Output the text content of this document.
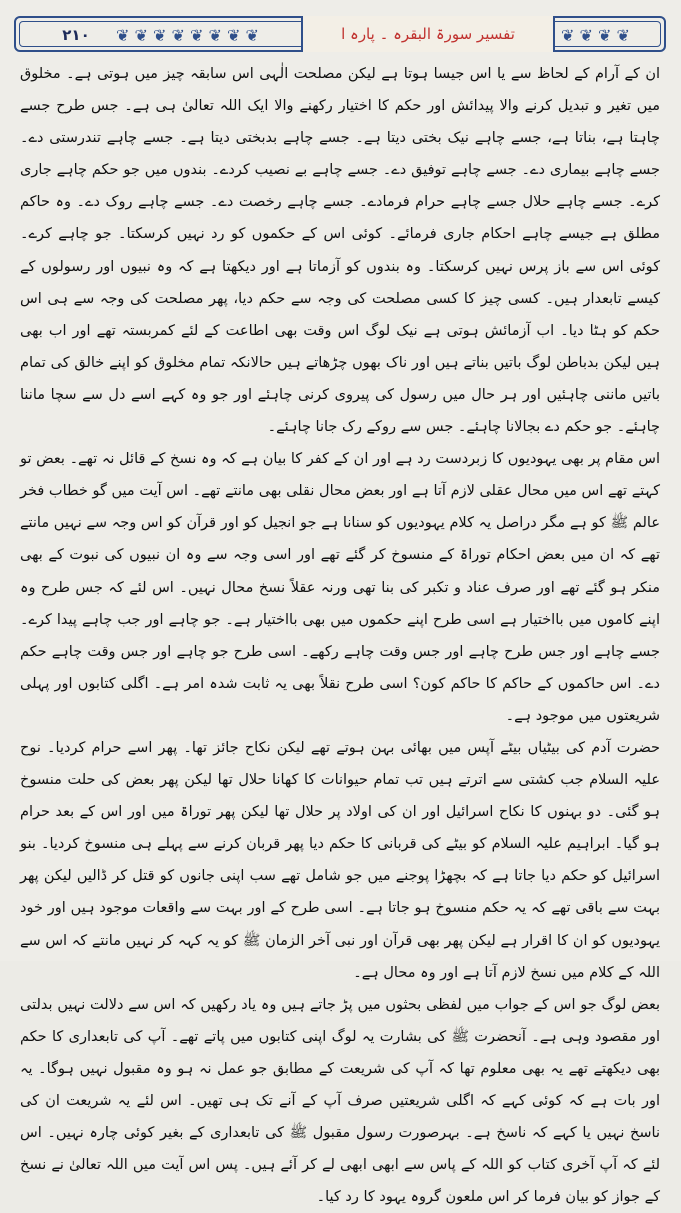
۲۱۰	❦ ❦ ❦ ❦ ❦ ❦ ❦ ❦	تفسیر سورۃ البقرہ ۔ پارہ ا	❦ ❦ ❦ ❦

ان کے آرام کے لحاظ سے یا اس جیسا ہوتا ہے لیکن مصلحت الٰہی اس سابقہ چیز میں ہوتی ہے۔ مخلوق میں تغیر و تبدیل کرنے والا پیدائش اور حکم کا اختیار رکھنے والا ایک اللہ تعالیٰ ہی ہے۔ جس طرح جسے چاہتا ہے، بناتا ہے، جسے چاہے نیک بختی دیتا ہے۔ جسے چاہے بدبختی دیتا ہے۔ جسے چاہے تندرستی دے۔ جسے چاہے بیماری دے۔ جسے چاہے توفیق دے۔ جسے چاہے بے نصیب کردے۔ بندوں میں جو حکم چاہے جاری کرے۔ جسے چاہے حلال جسے چاہے حرام فرمادے۔ جسے چاہے رخصت دے۔ جسے چاہے روک دے۔ وہ حاکم مطلق ہے جیسے چاہے احکام جاری فرمائے۔ کوئی اس کے حکموں کو رد نہیں کرسکتا۔ جو چاہے کرے۔ کوئی اس سے باز پرس نہیں کرسکتا۔ وہ بندوں کو آزماتا ہے اور دیکھتا ہے کہ وہ نبیوں اور رسولوں کے کیسے تابعدار ہیں۔ کسی چیز کا کسی مصلحت کی وجہ سے حکم دیا، پھر مصلحت کی وجہ سے ہی اس حکم کو ہٹا دیا۔ اب آزمائش ہوتی ہے نیک لوگ اس وقت بھی اطاعت کے لئے کمربستہ تھے اور اب بھی ہیں لیکن بدباطن لوگ باتیں بناتے ہیں اور ناک بھوں چڑھاتے ہیں حالانکہ تمام مخلوق کو اپنے خالق کی تمام باتیں ماننی چاہئیں اور ہر حال میں رسول کی پیروی کرنی چاہئے اور جو وہ کہے اسے دل سے سچا ماننا چاہئے۔ جو حکم دے بجالانا چاہئے۔ جس سے روکے رک جانا چاہئے۔

اس مقام پر بھی یہودیوں کا زبردست رد ہے اور ان کے کفر کا بیان ہے کہ وہ نسخ کے قائل نہ تھے۔ بعض تو کہتے تھے اس میں محال عقلی لازم آتا ہے اور بعض محال نقلی بھی مانتے تھے۔ اس آیت میں گو خطاب فخر عالم ﷺ کو ہے مگر دراصل یہ کلام یہودیوں کو سنانا ہے جو انجیل کو اور قرآن کو اس وجہ سے نہیں مانتے تھے کہ ان میں بعض احکام توراۃ کے منسوخ کر گئے تھے اور اسی وجہ سے وہ ان نبیوں کی نبوت کے بھی منکر ہو گئے تھے اور صرف عناد و تکبر کی بنا تھی ورنہ عقلاً نسخ محال نہیں۔ اس لئے کہ جس طرح وہ اپنے کاموں میں بااختیار ہے اسی طرح اپنے حکموں میں بھی بااختیار ہے۔ جو چاہے اور جب چاہے پیدا کرے۔ جسے چاہے اور جس طرح چاہے اور جس وقت چاہے رکھے۔ اسی طرح جو چاہے اور جس وقت چاہے حکم دے۔ اس حاکموں کے حاکم کا حاکم کون؟ اسی طرح نقلاً بھی یہ ثابت شدہ امر ہے۔ اگلی کتابوں اور پہلی شریعتوں میں موجود ہے۔

حضرت آدم کی بیٹیاں بیٹے آپس میں بھائی بہن ہوتے تھے لیکن نکاح جائز تھا۔ پھر اسے حرام کردیا۔ نوح علیہ السلام جب کشتی سے اترتے ہیں تب تمام حیوانات کا کھانا حلال تھا لیکن پھر بعض کی حلت منسوخ ہو گئی۔ دو بہنوں کا نکاح اسرائیل اور ان کی اولاد پر حلال تھا لیکن پھر توراۃ میں اور اس کے بعد حرام ہو گیا۔ ابراہیم علیہ السلام کو بیٹے کی قربانی کا حکم دیا پھر قربان کرنے سے پہلے ہی منسوخ کردیا۔ بنو اسرائیل کو حکم دیا جاتا ہے کہ بچھڑا پوجنے میں جو شامل تھے سب اپنی جانوں کو قتل کر ڈالیں لیکن پھر بہت سے باقی تھے کہ یہ حکم منسوخ ہو جاتا ہے۔ اسی طرح کے اور بہت سے واقعات موجود ہیں اور خود یہودیوں کو ان کا اقرار ہے لیکن پھر بھی قرآن اور نبی آخر الزمان ﷺ کو یہ کہہ کر نہیں مانتے کہ اس سے اللہ کے کلام میں نسخ لازم آتا ہے اور وہ محال ہے۔

بعض لوگ جو اس کے جواب میں لفظی بحثوں میں پڑ جاتے ہیں وہ یاد رکھیں کہ اس سے دلالت نہیں بدلتی اور مقصود وہی ہے۔ آنحضرت ﷺ کی بشارت یہ لوگ اپنی کتابوں میں پاتے تھے۔ آپ کی تابعداری کا حکم بھی دیکھتے تھے یہ بھی معلوم تھا کہ آپ کی شریعت کے مطابق جو عمل نہ ہو وہ مقبول نہیں ہوگا۔ یہ اور بات ہے کہ کوئی کہے کہ اگلی شریعتیں صرف آپ کے آنے تک ہی تھیں۔ اس لئے یہ شریعت ان کی ناسخ نہیں یا کہے کہ ناسخ ہے۔ بہرصورت رسول مقبول ﷺ کی تابعداری کے بغیر کوئی چارہ نہیں۔ اس لئے کہ آپ آخری کتاب کو اللہ کے پاس سے ابھی ابھی لے کر آئے ہیں۔ پس اس آیت میں اللہ تعالیٰ نے نسخ کے جواز کو بیان فرما کر اس ملعون گروہ یہود کا رد کیا۔
